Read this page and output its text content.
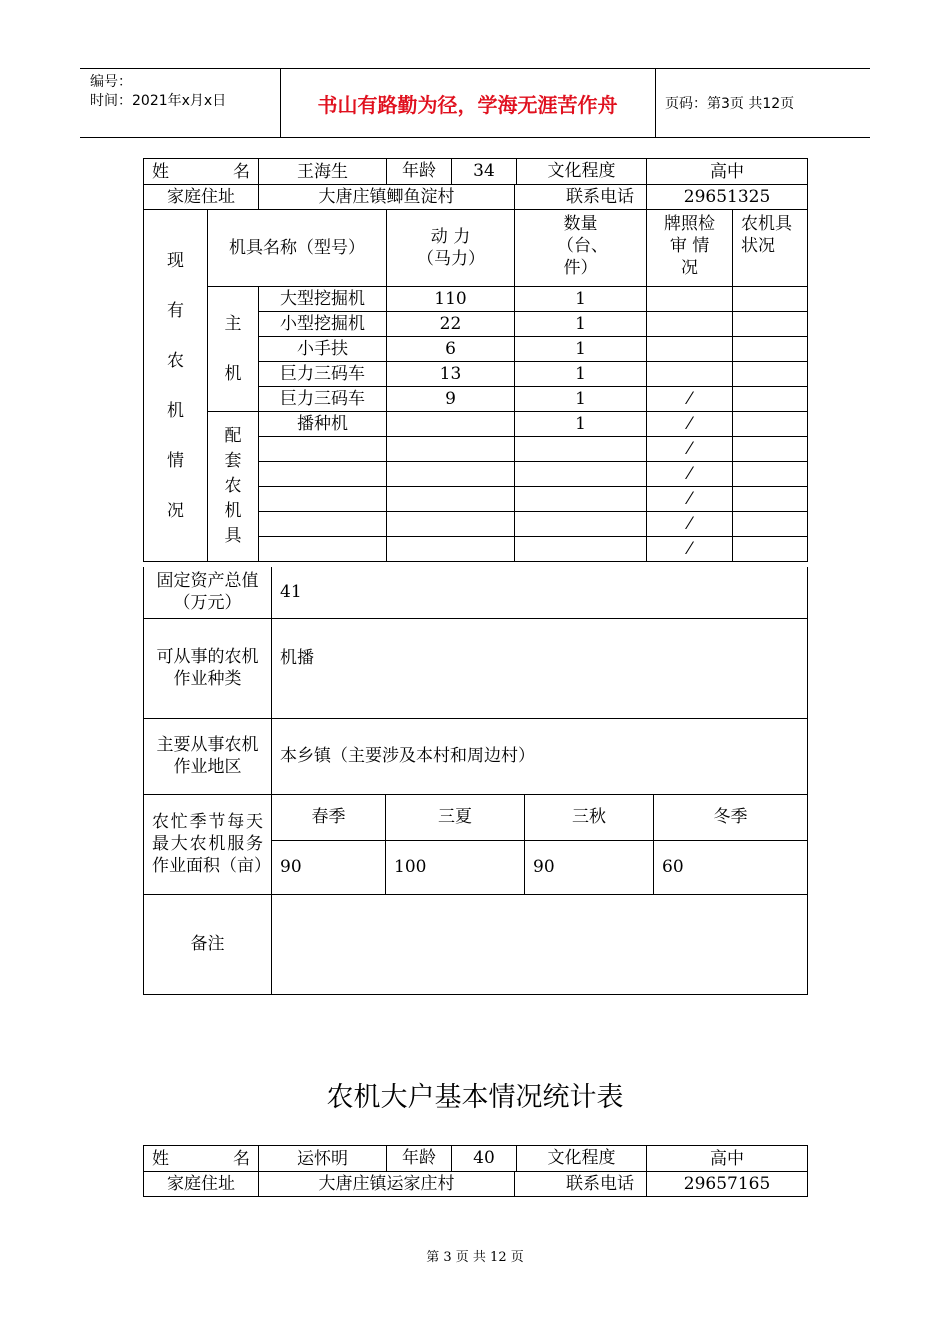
编号：
时间：2021年x月x日	书山有路勤为径，学海无涯苦作舟	页码：第3页 共12页
姓 名		王海生	年龄 34 文化程度		高中	
家庭住址		大唐庄镇鲫鱼淀村		联系电话	29651325	

现有农机情况	机具名称（型号）		动 力（马力）	数量（台、件）	牌照检审 情 况	农机具状况

	主机	大型挖掘机	110	1		
		小型挖掘机	22	1		
		小手扶	6	1		
		巨力三码车	13	1		
		巨力三码车	9	1	⁄	

	配套农机具	播种机		1	⁄	
					⁄	
					⁄	
					⁄	
					⁄	
					⁄	
固定资产总值（万元）	41			
可从事的农机作业种类	机播			
主要从事农机作业地区	本乡镇（主要涉及本村和周边村）			

农忙季节每天最大农机服务作业面积（亩）	春季	三夏	三秋	冬季
	90	100	90	60
备注				
农机大户基本情况统计表
姓 名	运怀明	年龄 40 文化程度		高中
家庭住址	大唐庄镇运家庄村		联系电话	29657165
第 3 页 共 12 页
